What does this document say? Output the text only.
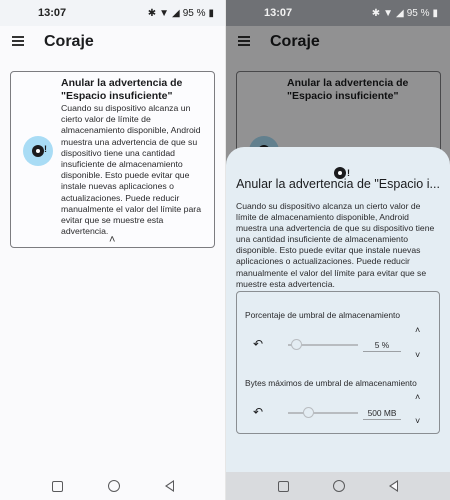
13:07	✱ ▼ ◢ 95 % ▮
Coraje
!
Anular la advertencia de "Espacio insuficiente"
Cuando su dispositivo alcanza un cierto valor de límite de almacenamiento disponible, Android muestra una advertencia de que su dispositivo tiene una cantidad insuficiente de almacenamiento disponible. Esto puede evitar que instale nuevas aplicaciones o actualizaciones. Puede reducir manualmente el valor del límite para evitar que se muestre esta advertencia.
˄
13:07	✱ ▼ ◢ 95 % ▮
Coraje
Anular la advertencia de "Espacio insuficiente"
!
Anular la advertencia de "Espacio i...
Cuando su dispositivo alcanza un cierto valor de límite de almacenamiento disponible, Android muestra una advertencia de que su dispositivo tiene una cantidad insuficiente de almacenamiento disponible. Esto puede evitar que instale nuevas aplicaciones o actualizaciones. Puede reducir manualmente el valor del límite para evitar que se muestre esta advertencia.
Porcentaje de umbral de almacenamiento
˄
↶	5 %
˅
Bytes máximos de umbral de almacenamiento
˄
↶	500 MB
˅
